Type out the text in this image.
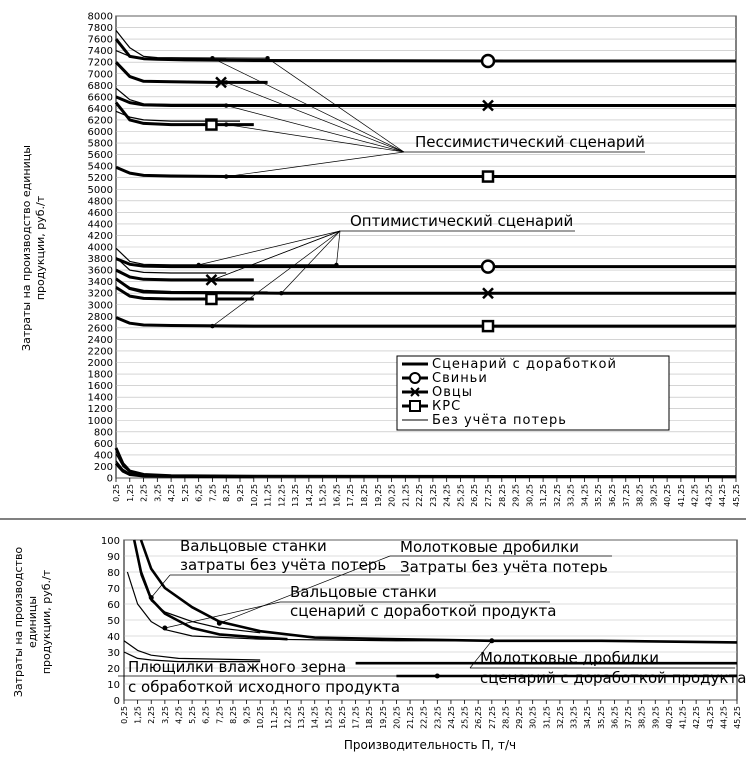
0
200
400
600
800
1000
1200
1400
1600
1800
2000
2200
2400
2600
2800
3000
3200
3400
3600
3800
4000
4200
4400
4600
4800
5000
5200
5400
5600
5800
6000
6200
6400
6600
6800
7000
7200
7400
7600
7800
8000
0,25 1,25 2,25 3,25 4,25 5,25 6,25 7,25 8,25 9,25 10,25 11,25 12,25 13,25 14,25 15,25 16,25 17,25 18,25 19,25 20,25 21,25 22,25 23,25 24,25 25,25 26,25 27,25 28,25 29,25 30,25 31,25 32,25 33,25 34,25 35,25 36,25 37,25 38,25 39,25 40,25 41,25 42,25 43,25 44,25 45,25
Пессимистический сценарий
Оптимистический сценарий
Сценарий с доработкой
Свиньи
Овцы
КРС
Без учёта потерь
Затраты на производство единицы продукции, руб./т
0
10
20
30
40
50
60
70
80
90
100
0,25 1,25 2,25 3,25 4,25 5,25 6,25 7,25 8,25 9,25 10,25 11,25 12,25 13,25 14,25 15,25 16,25 17,25 18,25 19,25 20,25 21,25 22,25 23,25 24,25 25,25 26,25 27,25 28,25 29,25 30,25 31,25 32,25 33,25 34,25 35,25 36,25 37,25 38,25 39,25 40,25 41,25 42,25 43,25 44,25 45,25
Вальцовые станки
затраты без учёта потерь
Молотковые дробилки
Затраты без учёта потерь
Вальцовые станки
сценарий с доработкой продукта
Плющилки влажного зерна
с обработкой исходного продукта
Молотковые дробилки
сценарий с доработкой продукта
Затраты на производство единицы продукции, руб./т
Производительность П, т/ч
